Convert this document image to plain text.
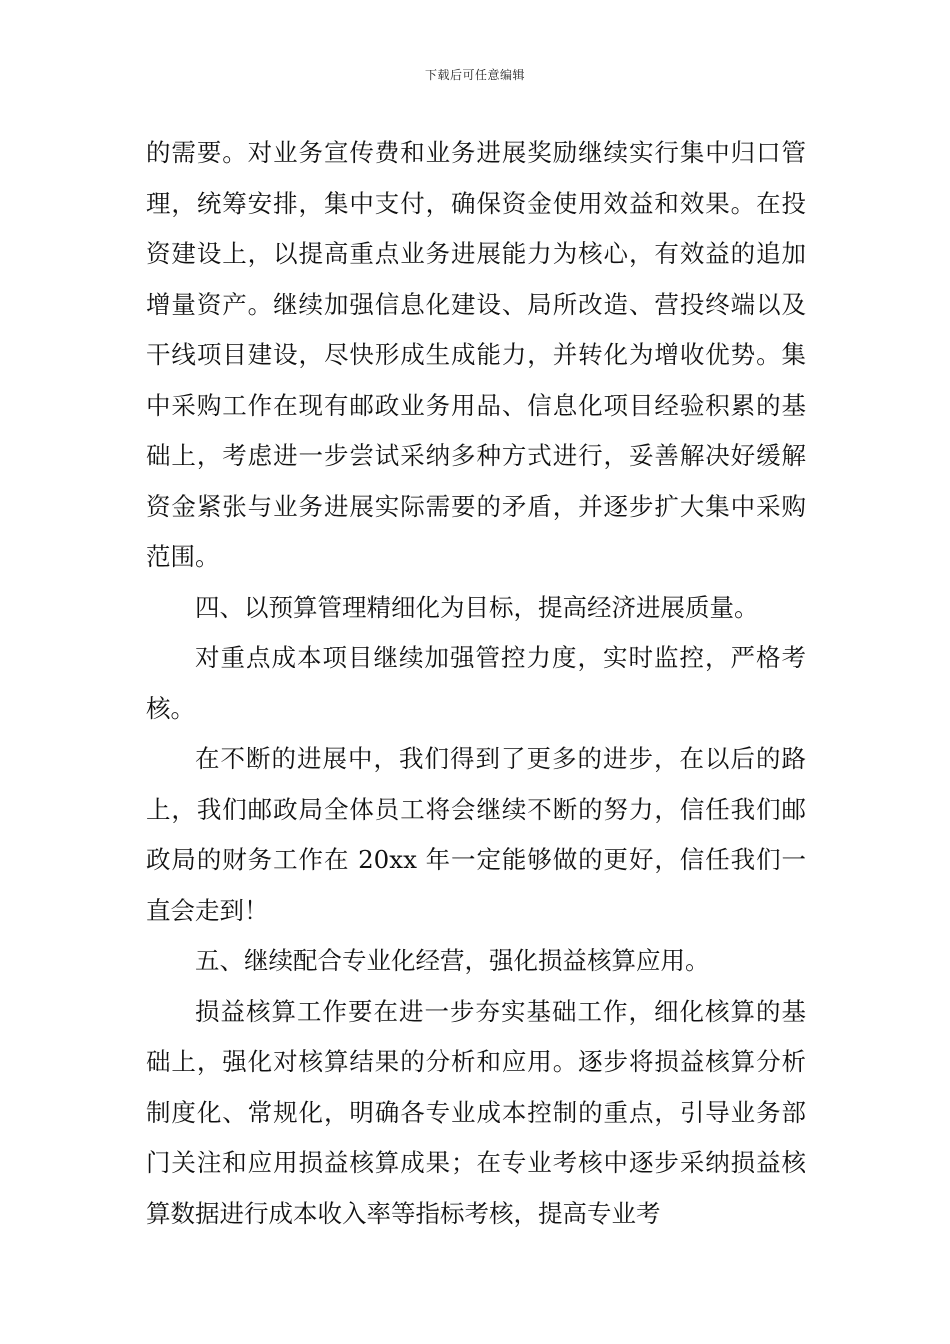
下载后可任意编辑

的需要。对业务宣传费和业务进展奖励继续实行集中归口管理，统筹安排，集中支付，确保资金使用效益和效果。在投资建设上，以提高重点业务进展能力为核心，有效益的追加增量资产。继续加强信息化建设、局所改造、营投终端以及干线项目建设，尽快形成生成能力，并转化为增收优势。集中采购工作在现有邮政业务用品、信息化项目经验积累的基础上，考虑进一步尝试采纳多种方式进行，妥善解决好缓解资金紧张与业务进展实际需要的矛盾，并逐步扩大集中采购范围。

四、以预算管理精细化为目标，提高经济进展质量。

对重点成本项目继续加强管控力度，实时监控，严格考核。

在不断的进展中，我们得到了更多的进步，在以后的路上，我们邮政局全体员工将会继续不断的努力，信任我们邮政局的财务工作在 20xx 年一定能够做的更好，信任我们一直会走到！

五、继续配合专业化经营，强化损益核算应用。

损益核算工作要在进一步夯实基础工作，细化核算的基础上，强化对核算结果的分析和应用。逐步将损益核算分析制度化、常规化，明确各专业成本控制的重点，引导业务部门关注和应用损益核算成果；在专业考核中逐步采纳损益核算数据进行成本收入率等指标考核，提高专业考
